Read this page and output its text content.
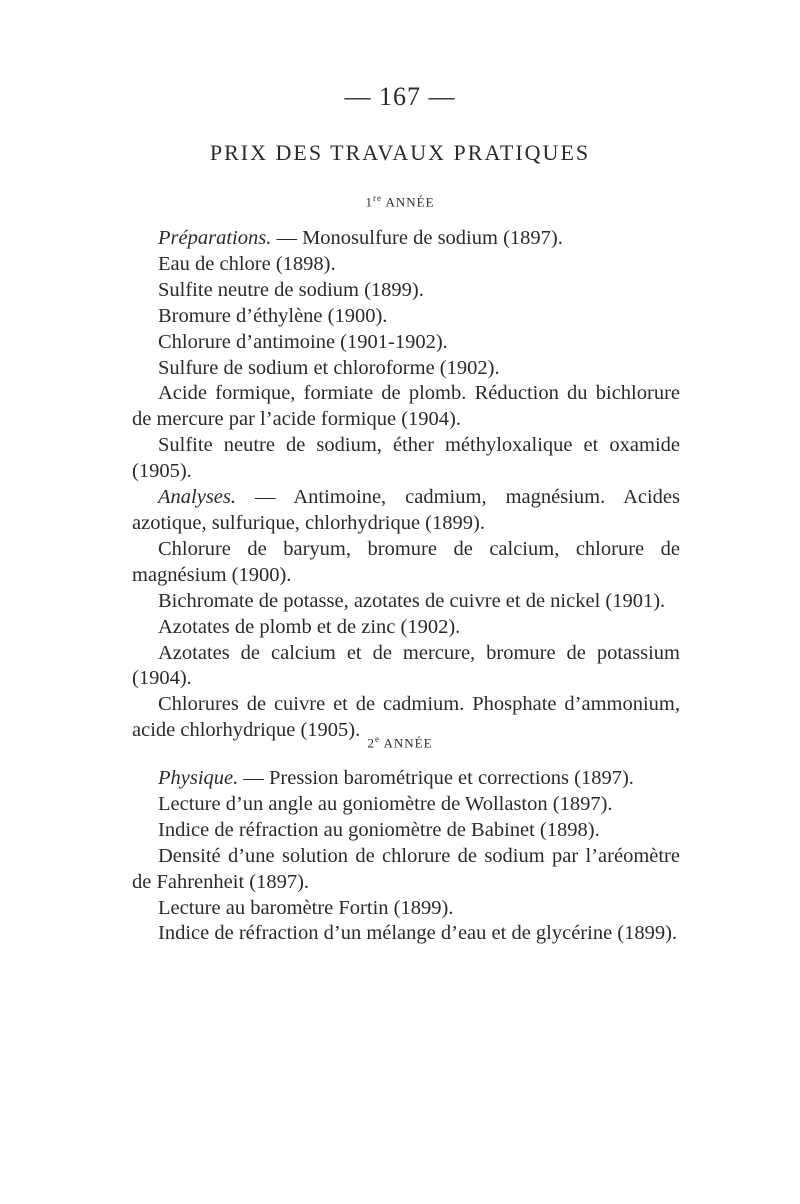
— 167 —
PRIX DES TRAVAUX PRATIQUES
1re ANNÉE

Préparations. — Monosulfure de sodium (1897).

Eau de chlore (1898).

Sulfite neutre de sodium (1899).

Bromure d’éthylène (1900).

Chlorure d’antimoine (1901-1902).

Sulfure de sodium et chloroforme (1902).

Acide formique, formiate de plomb. Réduction du bichlorure de mercure par l’acide formique (1904).

Sulfite neutre de sodium, éther méthyloxalique et oxamide (1905).

Analyses. — Antimoine, cadmium, magnésium. Acides azotique, sulfurique, chlorhydrique (1899).

Chlorure de baryum, bromure de calcium, chlorure de magnésium (1900).

Bichromate de potasse, azotates de cuivre et de nickel (1901).

Azotates de plomb et de zinc (1902).

Azotates de calcium et de mercure, bromure de potassium (1904).

Chlorures de cuivre et de cadmium. Phosphate d’ammonium, acide chlorhydrique (1905).

2e ANNÉE

Physique. — Pression barométrique et corrections (1897).

Lecture d’un angle au goniomètre de Wollaston (1897).

Indice de réfraction au goniomètre de Babinet (1898).

Densité d’une solution de chlorure de sodium par l’aréomètre de Fahrenheit (1897).

Lecture au baromètre Fortin (1899).

Indice de réfraction d’un mélange d’eau et de glycérine (1899).
